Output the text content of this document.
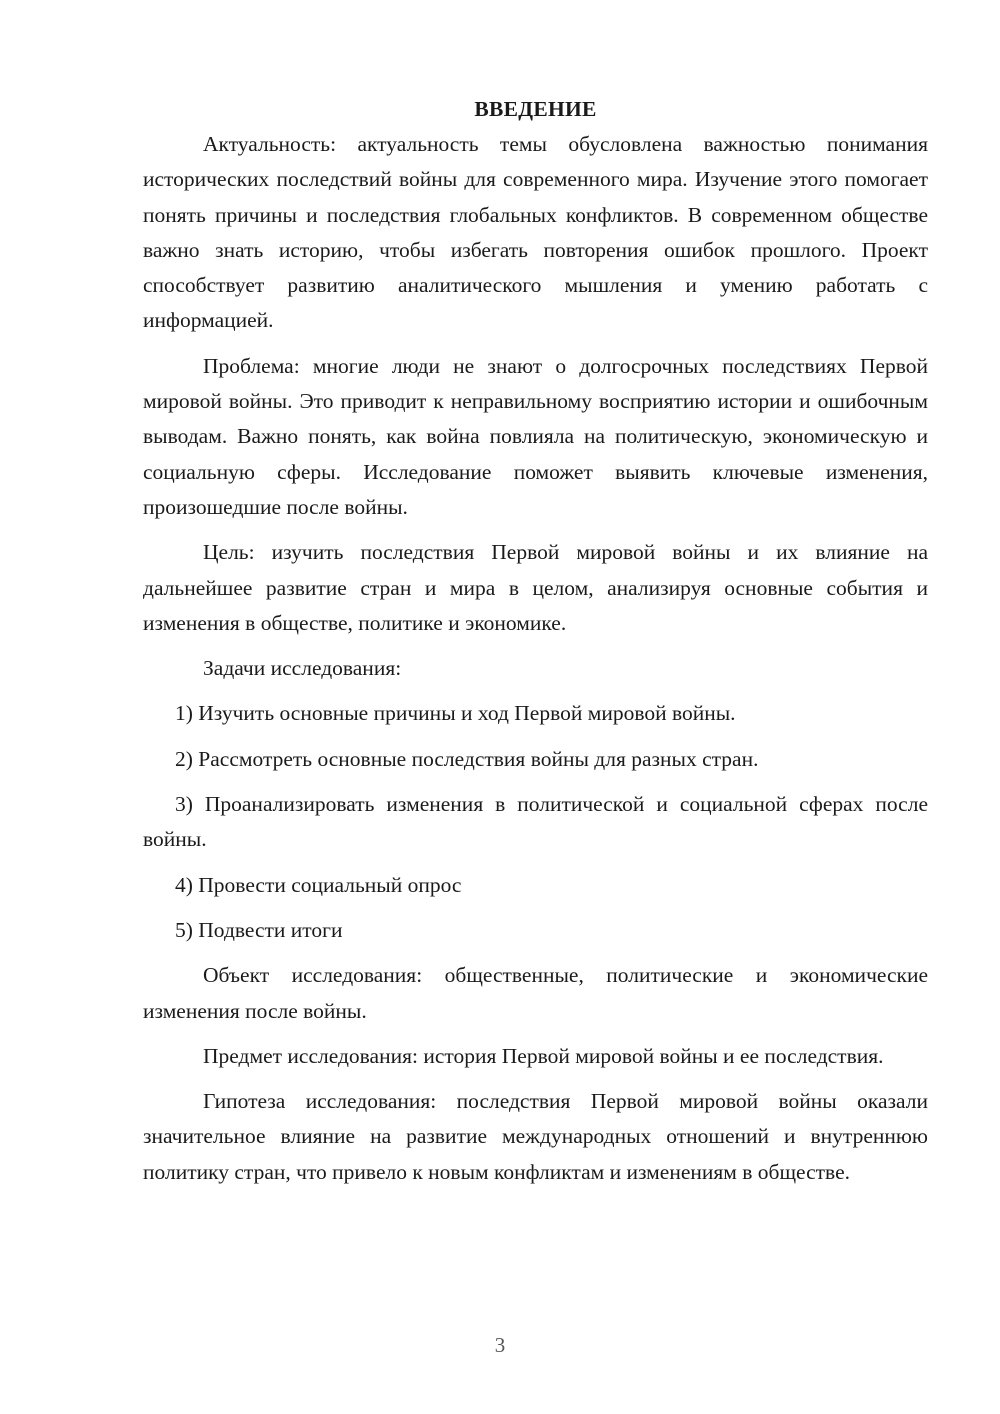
ВВЕДЕНИЕ

Актуальность: актуальность темы обусловлена важностью понимания исторических последствий войны для современного мира. Изучение этого помогает понять причины и последствия глобальных конфликтов. В современном обществе важно знать историю, чтобы избегать повторения ошибок прошлого. Проект способствует развитию аналитического мышления и умению работать с информацией.

Проблема: многие люди не знают о долгосрочных последствиях Первой мировой войны. Это приводит к неправильному восприятию истории и ошибочным выводам. Важно понять, как война повлияла на политическую, экономическую и социальную сферы. Исследование поможет выявить ключевые изменения, произошедшие после войны.

Цель: изучить последствия Первой мировой войны и их влияние на дальнейшее развитие стран и мира в целом, анализируя основные события и изменения в обществе, политике и экономике.

Задачи исследования:

1) Изучить основные причины и ход Первой мировой войны.

2) Рассмотреть основные последствия войны для разных стран.

3) Проанализировать изменения в политической и социальной сферах после войны.

4) Провести социальный опрос

5) Подвести итоги

Объект исследования: общественные, политические и экономические изменения после войны.

Предмет исследования: история Первой мировой войны и ее последствия.

Гипотеза исследования: последствия Первой мировой войны оказали значительное влияние на развитие международных отношений и внутреннюю политику стран, что привело к новым конфликтам и изменениям в обществе.

3
